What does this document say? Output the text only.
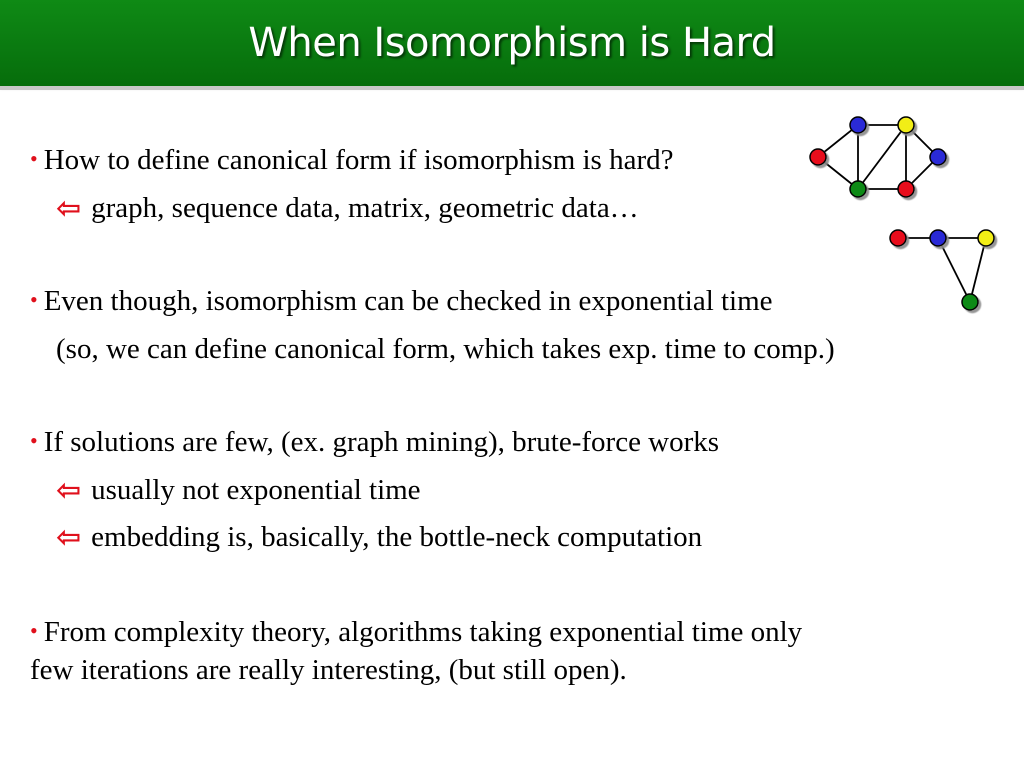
When Isomorphism is Hard
• How to define canonical form if isomorphism is hard?
⇦ graph, sequence data, matrix, geometric data…
• Even though, isomorphism can be checked in exponential time
(so, we can define canonical form, which takes exp. time to comp.)
• If solutions are few, (ex. graph mining), brute-force works
⇦ usually not exponential time
⇦ embedding is, basically, the bottle-neck computation
• From complexity theory, algorithms taking exponential time only
few iterations are really interesting, (but still open).
